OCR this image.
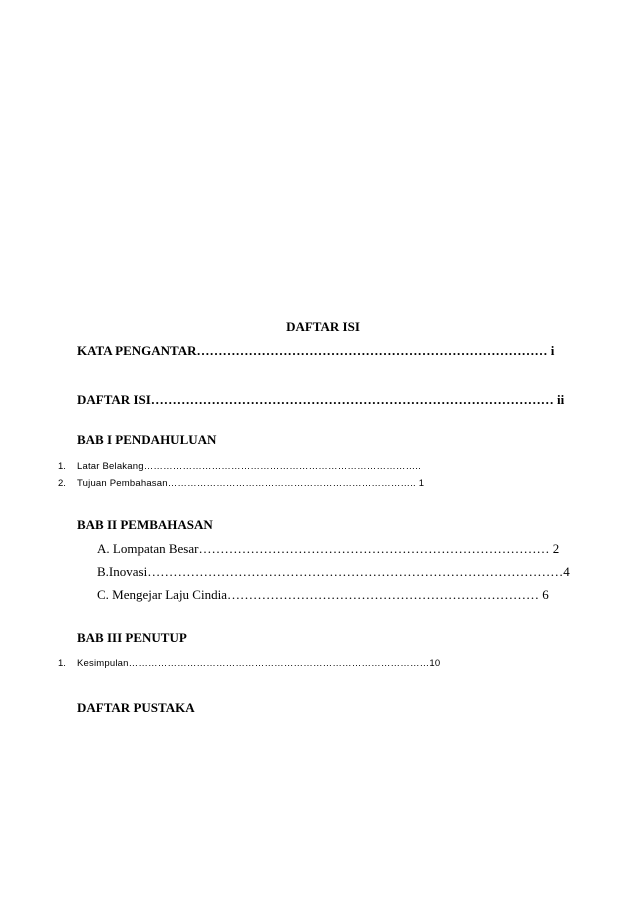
DAFTAR ISI
KATA PENGANTAR……………………………………………………………………… i
DAFTAR ISI………………………………………………………………………………… ii
BAB I PENDAHULUAN
1. Latar Belakang…………………………………………………………………………..
2. Tujuan Pembahasan………………………………………………………………….. 1
BAB II PEMBAHASAN
A. Lompatan Besar……………………………………………………………………… 2
B.Inovasi……………………………………………………………………………………4
C. Mengejar Laju Cindia……………………………………………………………… 6
BAB III PENUTUP
1. Kesimpulan…………………………………………………………………………………10
DAFTAR PUSTAKA
